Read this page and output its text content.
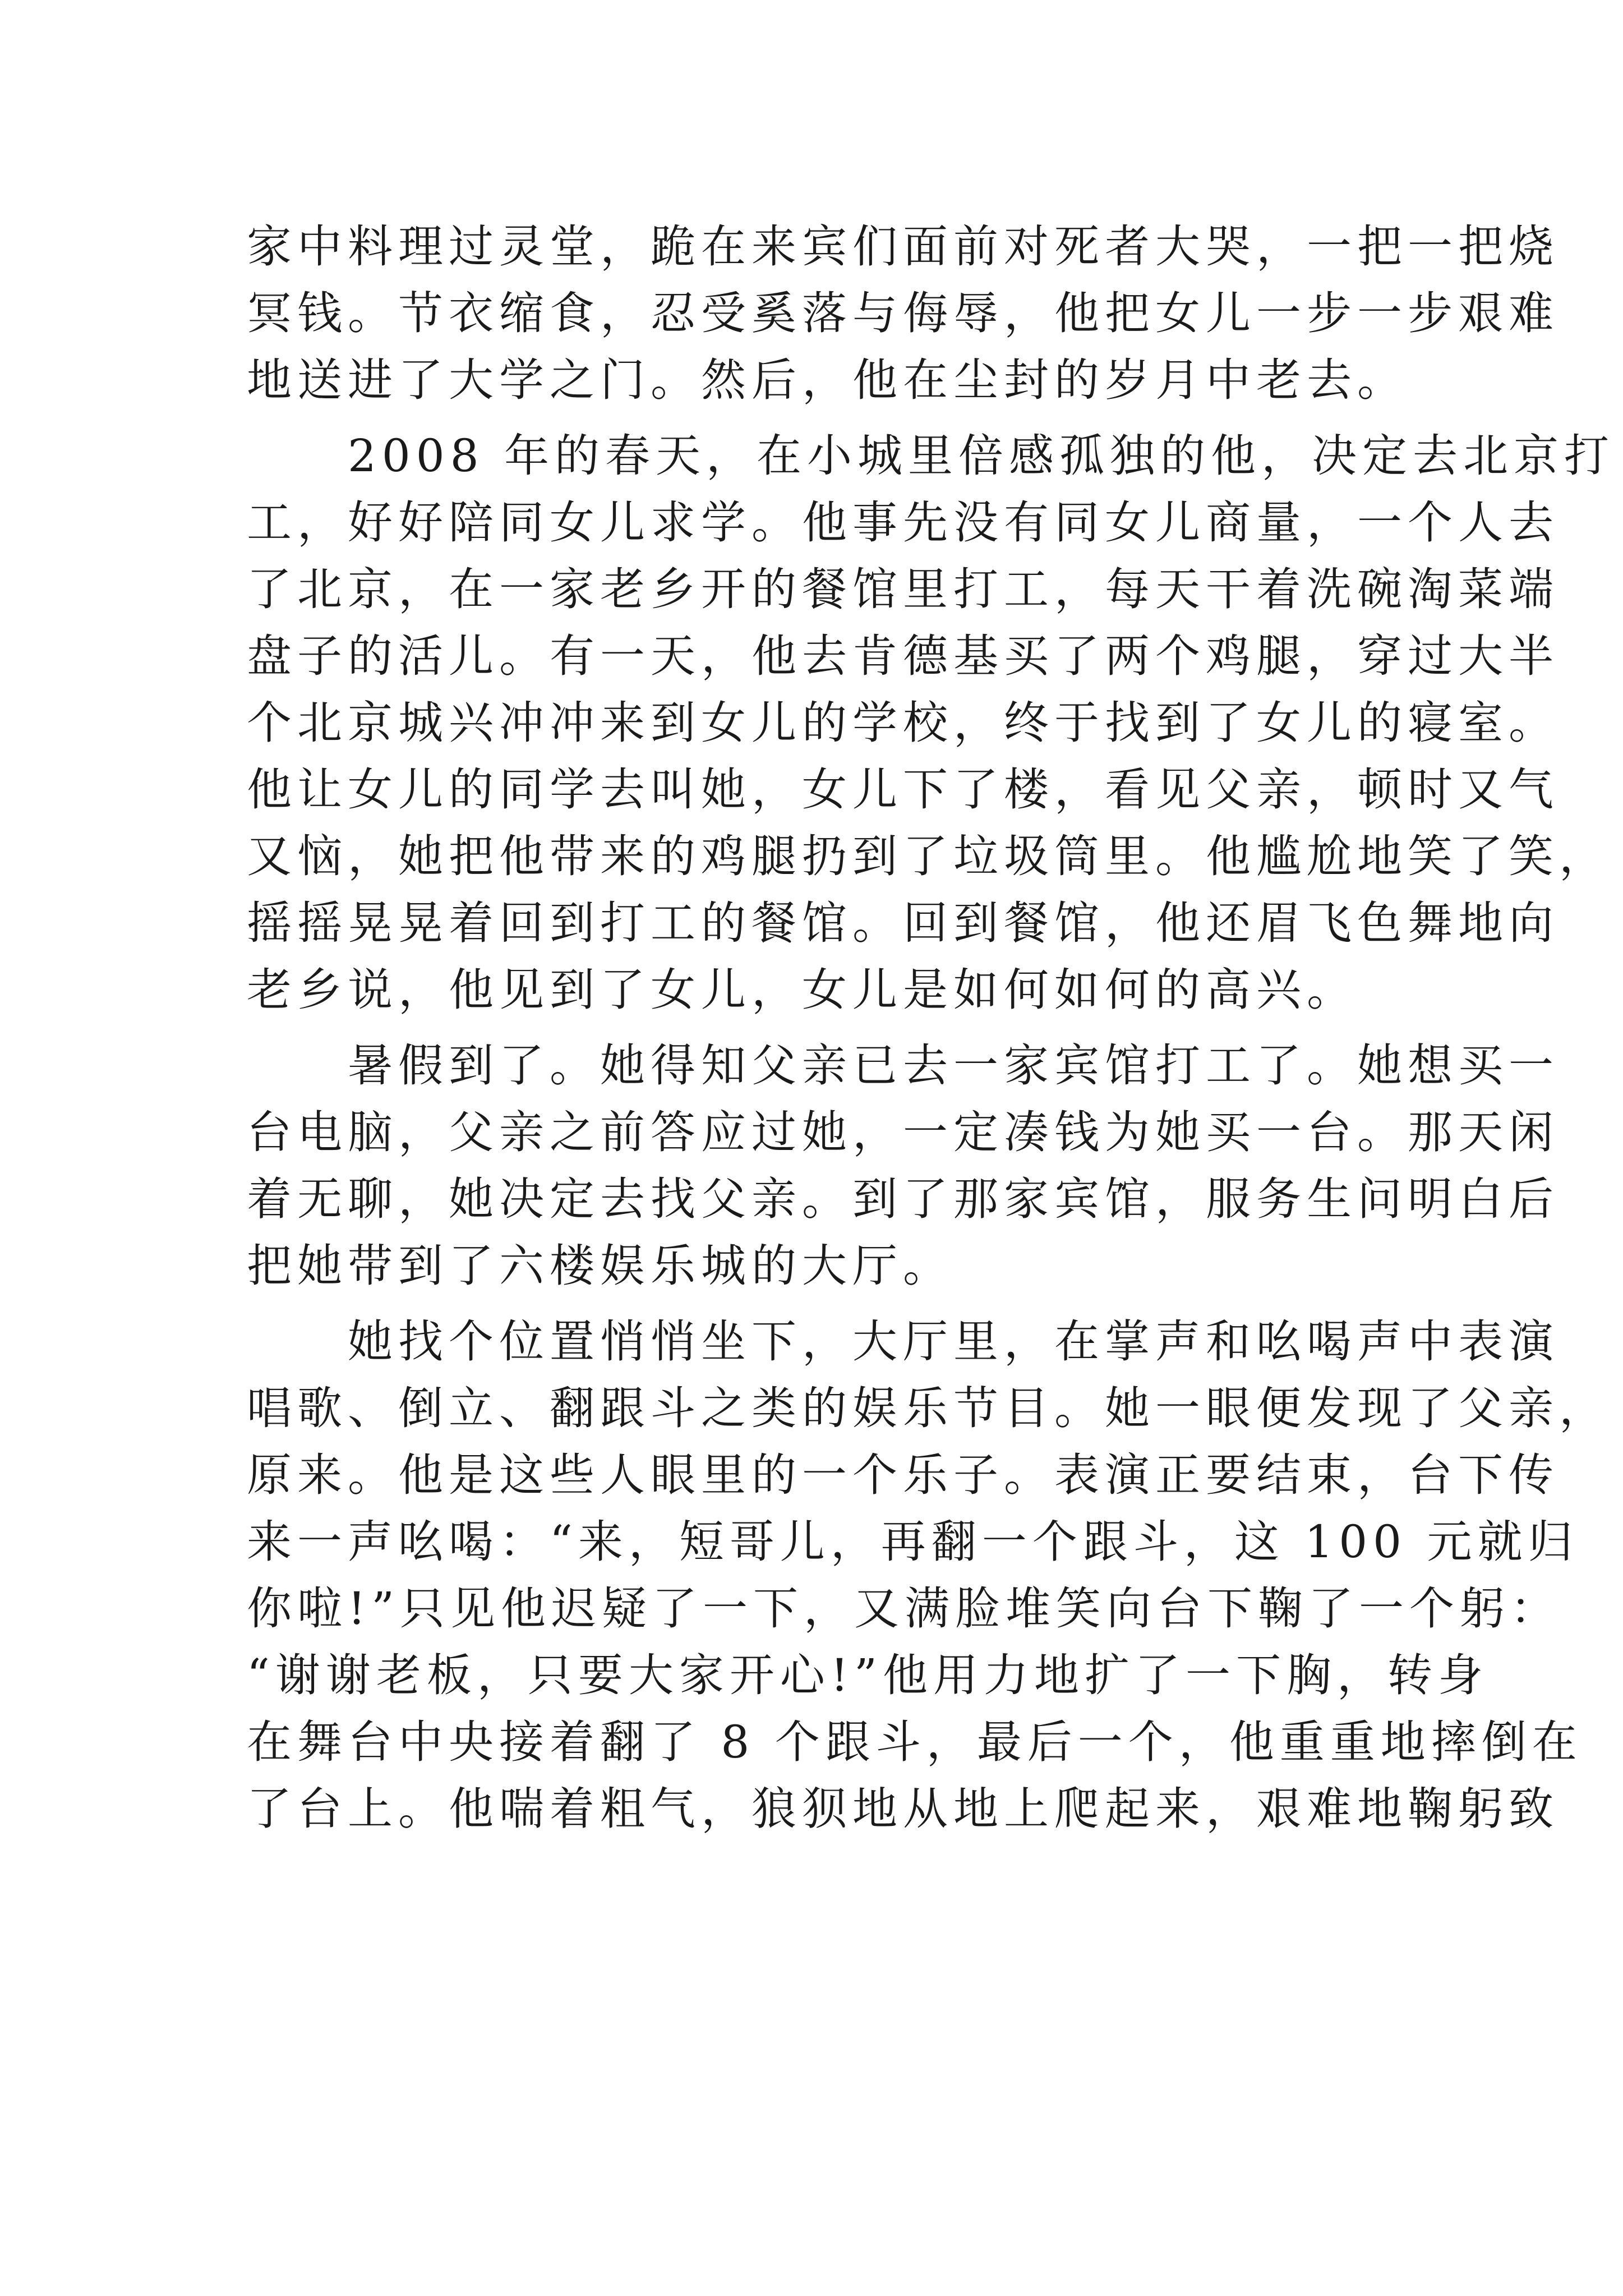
家中料理过灵堂，跪在来宾们面前对死者大哭，一把一把烧
冥钱。节衣缩食，忍受奚落与侮辱，他把女儿一步一步艰难
地送进了大学之门。然后，他在尘封的岁月中老去。
2008 年的春天，在小城里倍感孤独的他，决定去北京打
工，好好陪同女儿求学。他事先没有同女儿商量，一个人去
了北京，在一家老乡开的餐馆里打工，每天干着洗碗淘菜端
盘子的活儿。有一天，他去肯德基买了两个鸡腿，穿过大半
个北京城兴冲冲来到女儿的学校，终于找到了女儿的寝室。
他让女儿的同学去叫她，女儿下了楼，看见父亲，顿时又气
又恼，她把他带来的鸡腿扔到了垃圾筒里。他尴尬地笑了笑，
摇摇晃晃着回到打工的餐馆。回到餐馆，他还眉飞色舞地向
老乡说，他见到了女儿，女儿是如何如何的高兴。
暑假到了。她得知父亲已去一家宾馆打工了。她想买一
台电脑，父亲之前答应过她，一定凑钱为她买一台。那天闲
着无聊，她决定去找父亲。到了那家宾馆，服务生问明白后
把她带到了六楼娱乐城的大厅。
她找个位置悄悄坐下，大厅里，在掌声和吆喝声中表演
唱歌、倒立、翻跟斗之类的娱乐节目。她一眼便发现了父亲，
原来。他是这些人眼里的一个乐子。表演正要结束，台下传
来一声吆喝：“来，短哥儿，再翻一个跟斗，这 100 元就归
你啦!”只见他迟疑了一下，又满脸堆笑向台下鞠了一个躬：
“谢谢老板，只要大家开心!”他用力地扩了一下胸，转身
在舞台中央接着翻了 8 个跟斗，最后一个，他重重地摔倒在
了台上。他喘着粗气，狼狈地从地上爬起来，艰难地鞠躬致
